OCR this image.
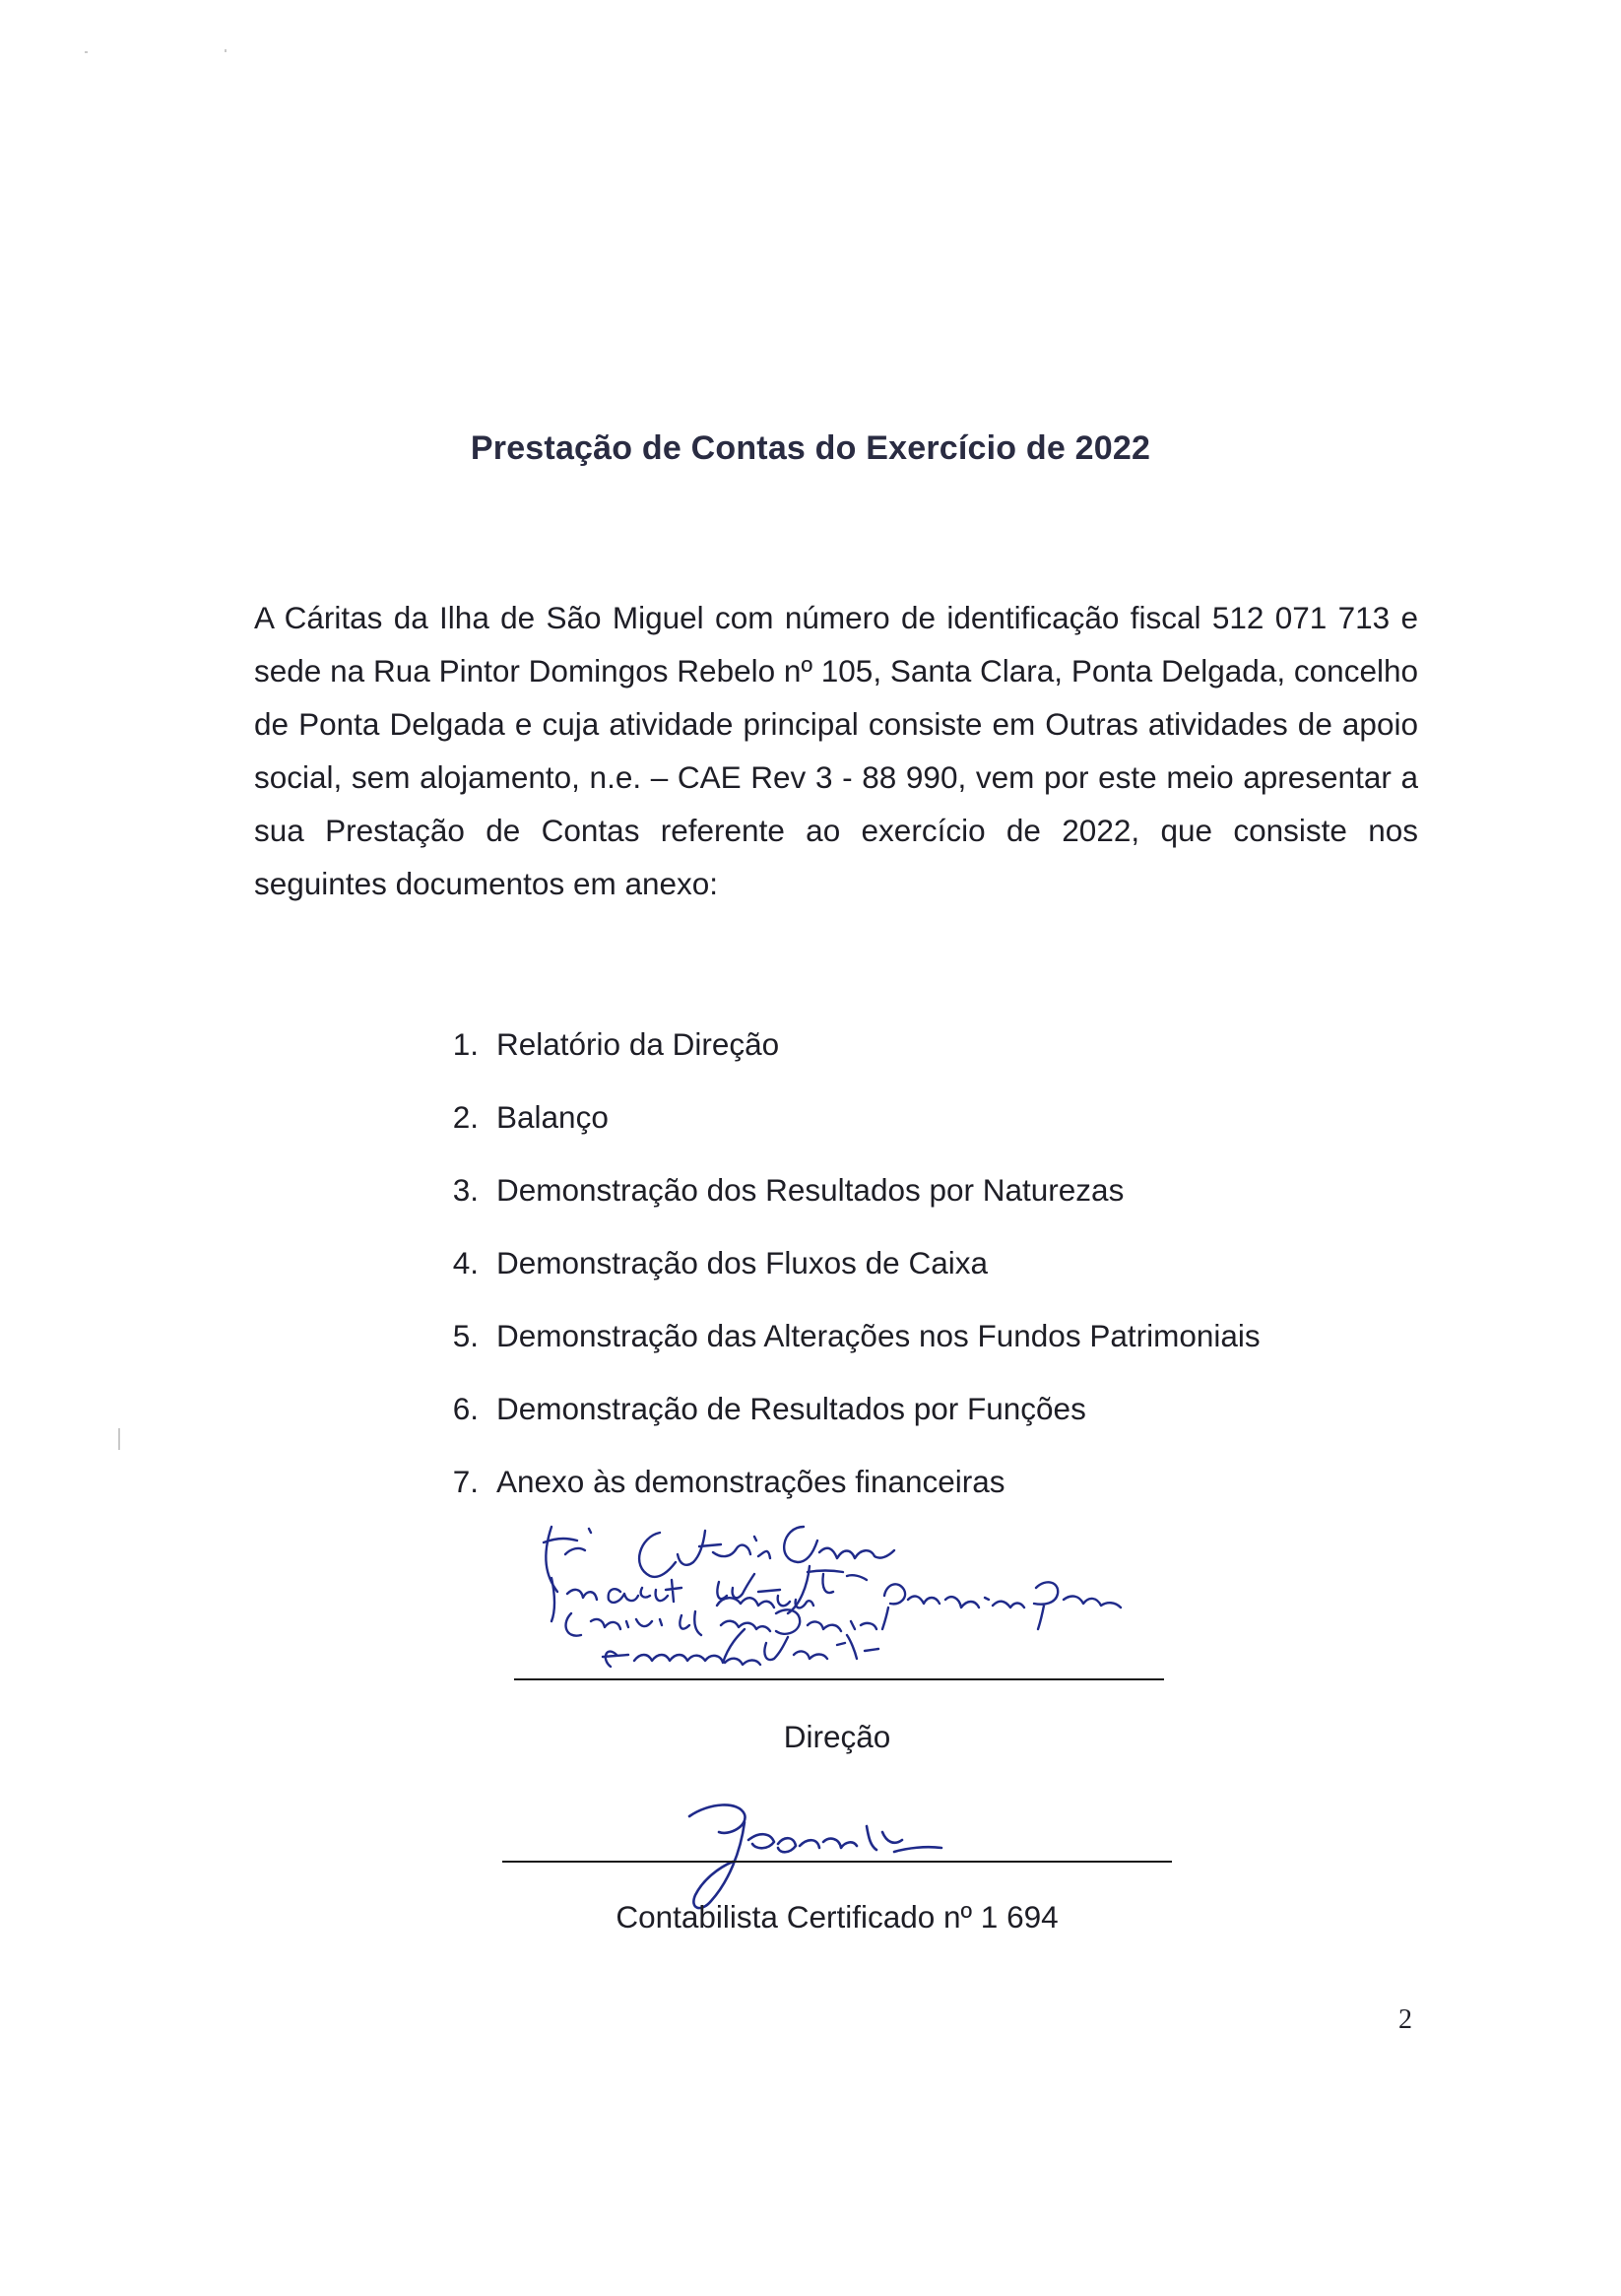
Prestação de Contas do Exercício de 2022
A Cáritas da Ilha de São Miguel com número de identificação fiscal 512 071 713 e sede na Rua Pintor Domingos Rebelo nº 105, Santa Clara, Ponta Delgada, concelho de Ponta Delgada e cuja atividade principal consiste em Outras atividades de apoio social, sem alojamento, n.e. – CAE Rev 3 - 88 990, vem por este meio apresentar a sua Prestação de Contas referente ao exercício de 2022, que consiste nos seguintes documentos em anexo:
1. Relatório da Direção
2. Balanço
3. Demonstração dos Resultados por Naturezas
4. Demonstração dos Fluxos de Caixa
5. Demonstração das Alterações nos Fundos Patrimoniais
6. Demonstração de Resultados por Funções
7. Anexo às demonstrações financeiras
Direção
Contabilista Certificado nº 1 694
2
